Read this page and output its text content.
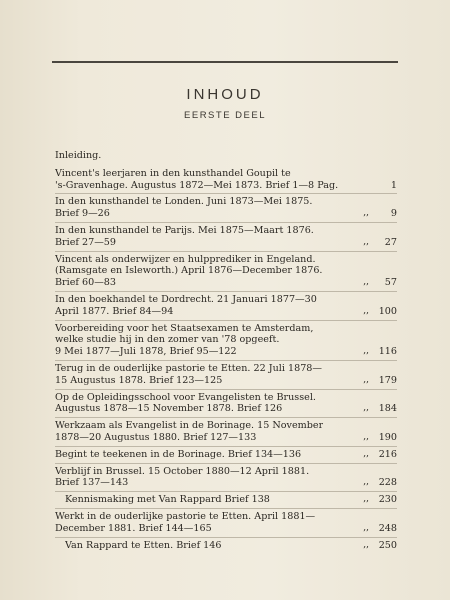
INHOUD
EERSTE DEEL
Inleiding.
Vincent's leerjaren in den kunsthandel Goupil te
's-Gravenhage. Augustus 1872—Mei 1873. Brief 1—8 Pag.	1
In den kunsthandel te Londen. Juni 1873—Mei 1875.
Brief 9—26	,,	9
In den kunsthandel te Parijs. Mei 1875—Maart 1876.
Brief 27—59	,,	27
Vincent als onderwijzer en hulpprediker in Engeland.
(Ramsgate en Isleworth.) April 1876—December 1876.
Brief 60—83	,,	57
In den boekhandel te Dordrecht. 21 Januari 1877—30
April 1877. Brief 84—94	,,	100
Voorbereiding voor het Staatsexamen te Amsterdam,
welke studie hij in den zomer van '78 opgeeft.
9 Mei 1877—Juli 1878, Brief 95—122	,,	116
Terug in de ouderlijke pastorie te Etten. 22 Juli 1878—
15 Augustus 1878. Brief 123—125	,,	179
Op de Opleidingsschool voor Evangelisten te Brussel.
Augustus 1878—15 November 1878. Brief 126	,,	184
Werkzaam als Evangelist in de Borinage. 15 November
1878—20 Augustus 1880. Brief 127—133	,,	190
Begint te teekenen in de Borinage. Brief 134—136	,,	216
Verblijf in Brussel. 15 October 1880—12 April 1881.
Brief 137—143	,,	228
Kennismaking met Van Rappard Brief 138	,,	230
Werkt in de ouderlijke pastorie te Etten. April 1881—
December 1881. Brief 144—165	,,	248
Van Rappard te Etten. Brief 146	,,	250
